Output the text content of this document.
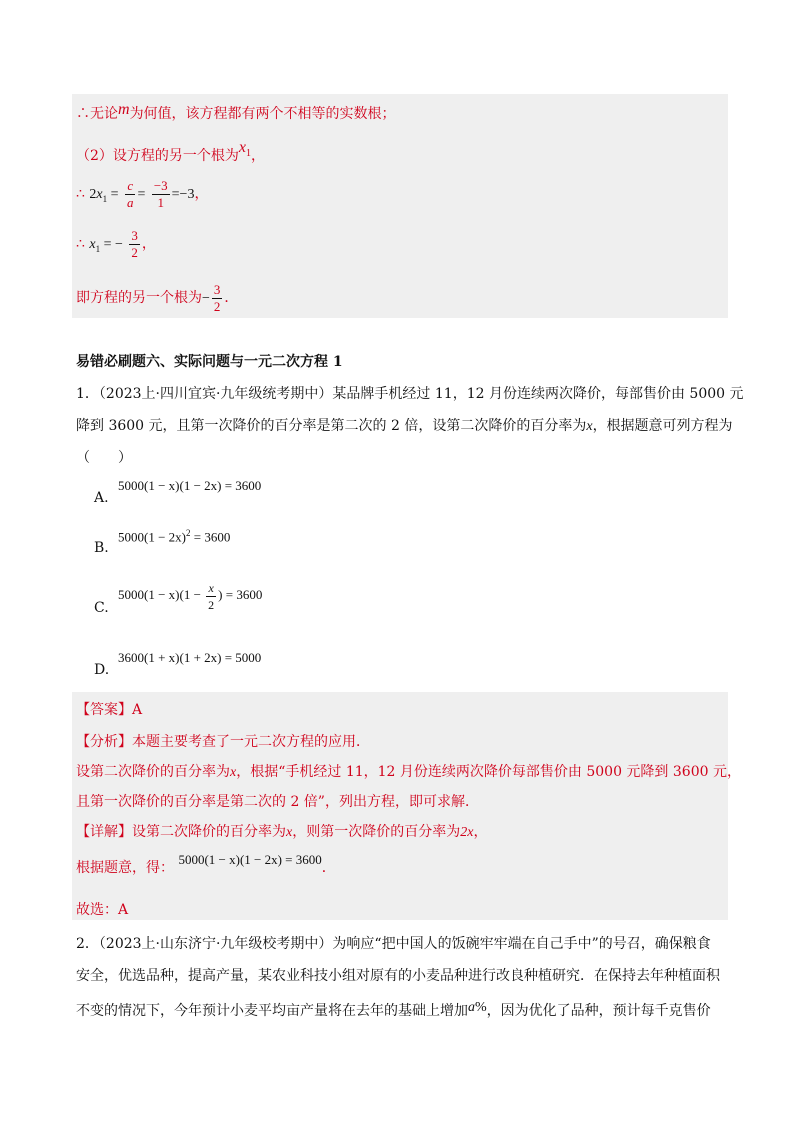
∴无论m为何值，该方程都有两个不相等的实数根；
（2）设方程的另一个根为$x_1$，
∴ $2x_1 = \frac{c}{a} = \frac{-3}{1} =-3$，
∴ $x_1$ = − $\frac{3}{2}$ ，
即方程的另一个根为− $\frac{3}{2}$ ．
易错必刷题六、实际问题与一元二次方程 1
1．（2023上·四川宜宾·九年级统考期中）某品牌手机经过 11，12 月份连续两次降价，每部售价由 5000 元
降到 3600 元，且第一次降价的百分率是第二次的 2 倍，设第二次降价的百分率为x，根据题意可列方程为
（　　）
A.
5000(1 − x)(1 − 2x) = 3600
B.
$5000(1 - 2x)^2 = 3600$
C.
$5000(1 - x)(1 - \frac{x}{2}$ ) = 3600
D.
3600(1 + x)(1 + 2x) = 5000
【答案】A
【分析】本题主要考查了一元二次方程的应用．
设第二次降价的百分率为x，根据“手机经过 11，12 月份连续两次降价每部售价由 5000 元降到 3600 元，
且第一次降价的百分率是第二次的 2 倍”，列出方程，即可求解．
【详解】设第二次降价的百分率为x，则第一次降价的百分率为2x，
根据题意，得： 5000(1 − x)(1 − 2x) = 3600．
故选：A
2．（2023上·山东济宁·九年级校考期中）为响应“把中国人的饭碗牢牢端在自己手中”的号召，确保粮食
安全，优选品种，提高产量，某农业科技小组对原有的小麦品种进行改良种植研究．在保持去年种植面积
不变的情况下，今年预计小麦平均亩产量将在去年的基础上增加a%，因为优化了品种，预计每千克售价
